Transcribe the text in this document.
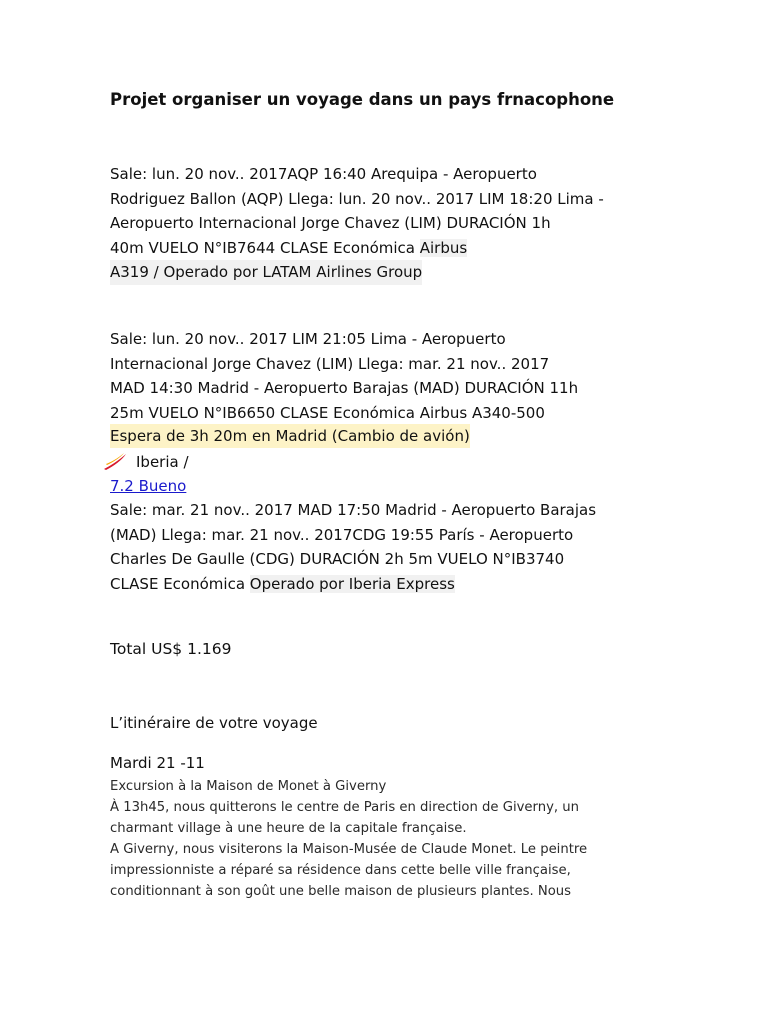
Projet organiser un voyage dans un pays frnacophone
Sale: lun. 20 nov.. 2017AQP 16:40 Arequipa - Aeropuerto
Rodriguez Ballon (AQP) Llega: lun. 20 nov.. 2017 LIM 18:20 Lima -
Aeropuerto Internacional Jorge Chavez (LIM) DURACIÓN 1h
40m VUELO N°IB7644 CLASE Económica Airbus
A319 / Operado por LATAM Airlines Group
Sale: lun. 20 nov.. 2017 LIM 21:05 Lima - Aeropuerto
Internacional Jorge Chavez (LIM) Llega: mar. 21 nov.. 2017
MAD 14:30 Madrid - Aeropuerto Barajas (MAD) DURACIÓN 11h
25m VUELO N°IB6650 CLASE Económica Airbus A340-500
Espera de 3h 20m en Madrid (Cambio de avión)
Iberia /
7.2 Bueno
Sale: mar. 21 nov.. 2017 MAD 17:50 Madrid - Aeropuerto Barajas
(MAD) Llega: mar. 21 nov.. 2017CDG 19:55 París - Aeropuerto
Charles De Gaulle (CDG) DURACIÓN 2h 5m VUELO N°IB3740
CLASE Económica Operado por Iberia Express
Total US$ 1.169
L’itinéraire de votre voyage
Mardi 21 -11
Excursion à la Maison de Monet à Giverny
À 13h45, nous quitterons le centre de Paris en direction de Giverny, un
charmant village à une heure de la capitale française.
A Giverny, nous visiterons la Maison-Musée de Claude Monet. Le peintre
impressionniste a réparé sa résidence dans cette belle ville française,
conditionnant à son goût une belle maison de plusieurs plantes. Nous
